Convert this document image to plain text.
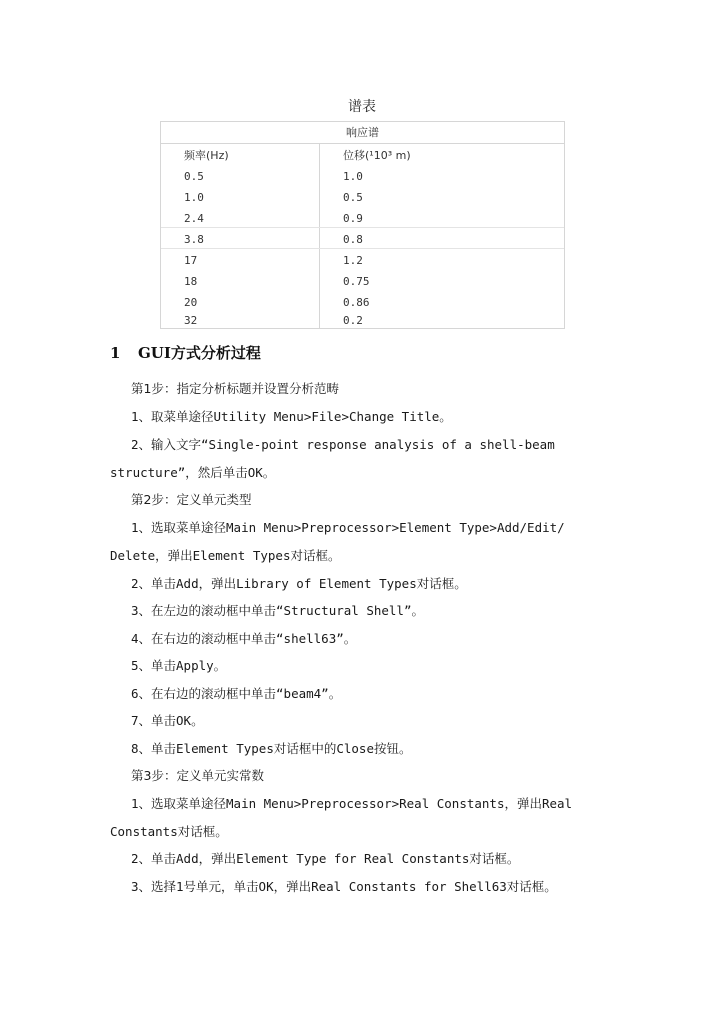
谱表
响应谱
频率(Hz)	位移(¹10³ m)
0.5	1.0
1.0	0.5
2.4	0.9
3.8	0.8
17	1.2
18	0.75
20	0.86
32	0.2
1 GUI方式分析过程
第1步：指定分析标题并设置分析范畴
1、取菜单途径Utility Menu>File>Change Title。
2、输入文字“Single-point response analysis of a shell-beam
structure”，然后单击OK。
第2步：定义单元类型
1、选取菜单途径Main Menu>Preprocessor>Element Type>Add/Edit/
Delete，弹出Element Types对话框。
2、单击Add，弹出Library of Element Types对话框。
3、在左边的滚动框中单击“Structural Shell”。
4、在右边的滚动框中单击“shell63”。
5、单击Apply。
6、在右边的滚动框中单击“beam4”。
7、单击OK。
8、单击Element Types对话框中的Close按钮。
第3步：定义单元实常数
1、选取菜单途径Main Menu>Preprocessor>Real Constants，弹出Real
Constants对话框。
2、单击Add，弹出Element Type for Real Constants对话框。
3、选择1号单元，单击OK，弹出Real Constants for Shell63对话框。
